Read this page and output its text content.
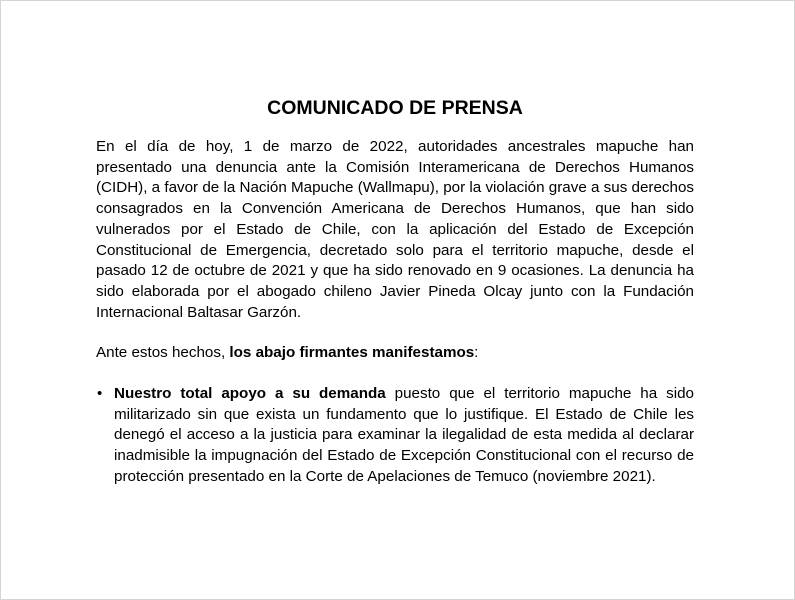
COMUNICADO DE PRENSA

En el día de hoy, 1 de marzo de 2022, autoridades ancestrales mapuche han presentado una denuncia ante la Comisión Interamericana de Derechos Humanos (CIDH), a favor de la Nación Mapuche (Wallmapu), por la violación grave a sus derechos consagrados en la Convención Americana de Derechos Humanos, que han sido vulnerados por el Estado de Chile, con la aplicación del Estado de Excepción Constitucional de Emergencia, decretado solo para el territorio mapuche, desde el pasado 12 de octubre de 2021 y que ha sido renovado en 9 ocasiones. La denuncia ha sido elaborada por el abogado chileno Javier Pineda Olcay junto con la Fundación Internacional Baltasar Garzón.

Ante estos hechos, los abajo firmantes manifestamos:

• Nuestro total apoyo a su demanda puesto que el territorio mapuche ha sido militarizado sin que exista un fundamento que lo justifique. El Estado de Chile les denegó el acceso a la justicia para examinar la ilegalidad de esta medida al declarar inadmisible la impugnación del Estado de Excepción Constitucional con el recurso de protección presentado en la Corte de Apelaciones de Temuco (noviembre 2021).
